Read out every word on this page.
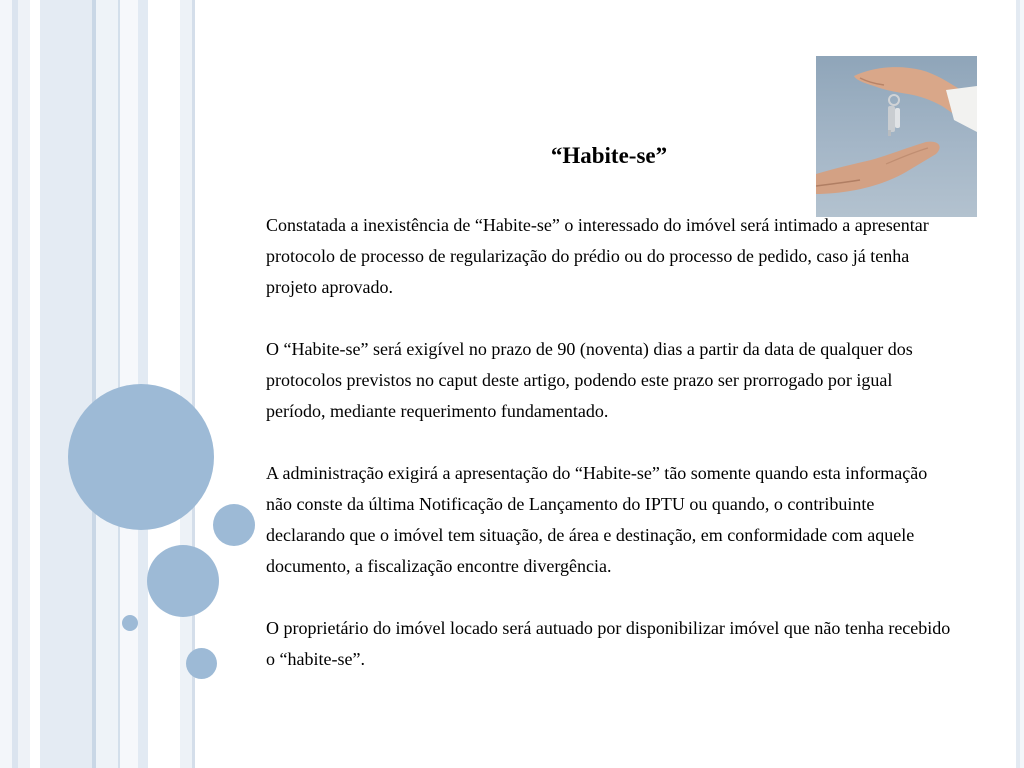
“Habite-se”

Constatada a inexistência de “Habite-se” o interessado do imóvel será intimado a apresentar protocolo de processo de regularização do prédio ou do processo de pedido, caso já tenha projeto aprovado.

O “Habite-se” será exigível no prazo de 90 (noventa) dias a partir da data de qualquer dos protocolos previstos no caput deste artigo, podendo este prazo ser prorrogado por igual período, mediante requerimento fundamentado.

A administração exigirá a apresentação do “Habite-se” tão somente quando esta informação não conste da última Notificação de Lançamento do IPTU ou quando, o contribuinte declarando que o imóvel tem situação, de área e destinação, em conformidade com aquele documento, a fiscalização encontre divergência.

O proprietário do imóvel locado será autuado por disponibilizar imóvel que não tenha recebido o “habite-se”.
